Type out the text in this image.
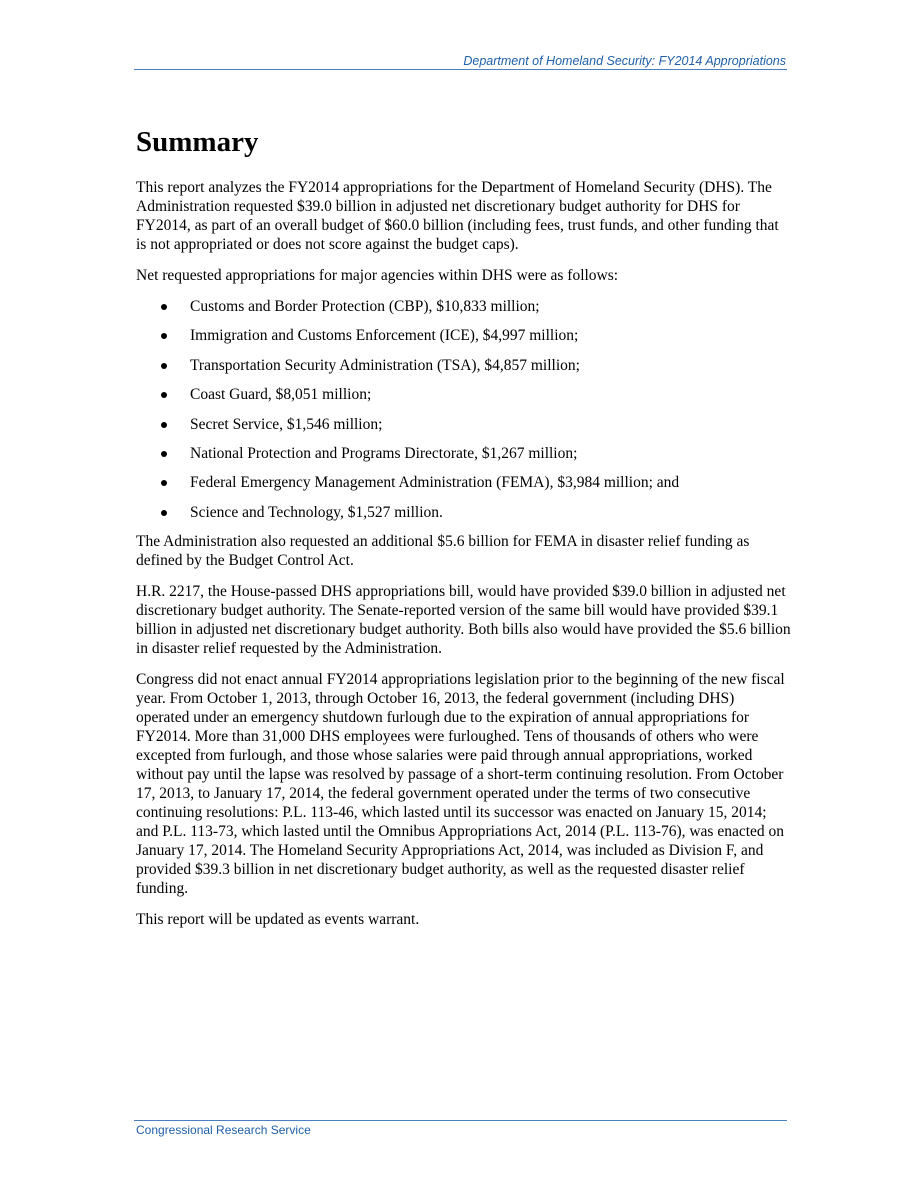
Department of Homeland Security: FY2014 Appropriations
Summary

This report analyzes the FY2014 appropriations for the Department of Homeland Security (DHS). The Administration requested $39.0 billion in adjusted net discretionary budget authority for DHS for FY2014, as part of an overall budget of $60.0 billion (including fees, trust funds, and other funding that is not appropriated or does not score against the budget caps).

Net requested appropriations for major agencies within DHS were as follows:

Customs and Border Protection (CBP), $10,833 million;
Immigration and Customs Enforcement (ICE), $4,997 million;
Transportation Security Administration (TSA), $4,857 million;
Coast Guard, $8,051 million;
Secret Service, $1,546 million;
National Protection and Programs Directorate, $1,267 million;
Federal Emergency Management Administration (FEMA), $3,984 million; and
Science and Technology, $1,527 million.

The Administration also requested an additional $5.6 billion for FEMA in disaster relief funding as defined by the Budget Control Act.

H.R. 2217, the House-passed DHS appropriations bill, would have provided $39.0 billion in adjusted net discretionary budget authority. The Senate-reported version of the same bill would have provided $39.1 billion in adjusted net discretionary budget authority. Both bills also would have provided the $5.6 billion in disaster relief requested by the Administration.

Congress did not enact annual FY2014 appropriations legislation prior to the beginning of the new fiscal year. From October 1, 2013, through October 16, 2013, the federal government (including DHS) operated under an emergency shutdown furlough due to the expiration of annual appropriations for FY2014. More than 31,000 DHS employees were furloughed. Tens of thousands of others who were excepted from furlough, and those whose salaries were paid through annual appropriations, worked without pay until the lapse was resolved by passage of a short-term continuing resolution. From October 17, 2013, to January 17, 2014, the federal government operated under the terms of two consecutive continuing resolutions: P.L. 113-46, which lasted until its successor was enacted on January 15, 2014; and P.L. 113-73, which lasted until the Omnibus Appropriations Act, 2014 (P.L. 113-76), was enacted on January 17, 2014. The Homeland Security Appropriations Act, 2014, was included as Division F, and provided $39.3 billion in net discretionary budget authority, as well as the requested disaster relief funding.

This report will be updated as events warrant.

Congressional Research Service
